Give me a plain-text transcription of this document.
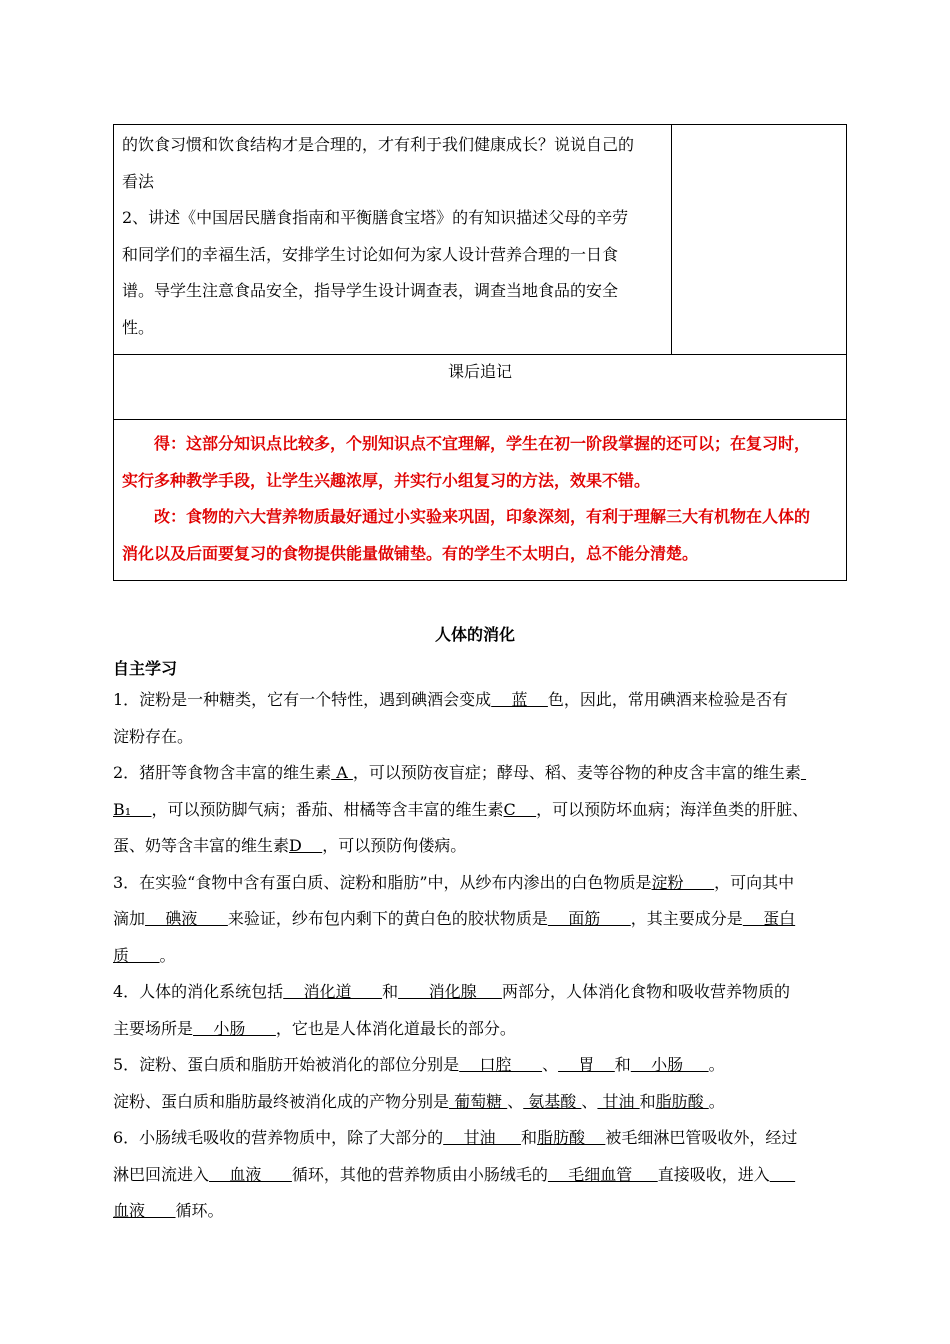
的饮食习惯和饮食结构才是合理的，才有利于我们健康成长？说说自己的
看法
2、讲述《中国居民膳食指南和平衡膳食宝塔》的有知识描述父母的辛劳
和同学们的幸福生活，安排学生讨论如何为家人设计营养合理的一日食
谱。导学生注意食品安全，指导学生设计调查表，调查当地食品的安全
性。

课后追记

得：这部分知识点比较多，个别知识点不宜理解，学生在初一阶段掌握的还可以；在复习时，
实行多种教学手段，让学生兴趣浓厚，并实行小组复习的方法，效果不错。
改：食物的六大营养物质最好通过小实验来巩固，印象深刻，有利于理解三大有机物在人体的
消化以及后面要复习的食物提供能量做铺垫。有的学生不太明白，总不能分清楚。
人体的消化
自主学习

1．淀粉是一种糖类，它有一个特性，遇到碘酒会变成    蓝    色，因此，常用碘酒来检验是否有

淀粉存在。

2．猪肝等食物含丰富的维生素 A ，可以预防夜盲症；酵母、稻、麦等谷物的种皮含丰富的维生素

B₁    ，可以预防脚气病；番茄、柑橘等含丰富的维生素C    ，可以预防坏血病；海洋鱼类的肝脏、

蛋、奶等含丰富的维生素D    ，可以预防佝偻病。

3．在实验“食物中含有蛋白质、淀粉和脂肪”中，从纱布内渗出的白色物质是淀粉      ，可向其中

滴加    碘液      来验证，纱布包内剩下的黄白色的胶状物质是    面筋      ，其主要成分是    蛋白

质      。

4．人体的消化系统包括    消化道      和      消化腺     两部分，人体消化食物和吸收营养物质的

主要场所是    小肠      ，它也是人体消化道最长的部分。

5．淀粉、蛋白质和脂肪开始被消化的部位分别是    口腔      、    胃    和    小肠     。

淀粉、蛋白质和脂肪最终被消化成的产物分别是 葡萄糖 、 氨基酸 、 甘油 和脂肪酸 。

6．小肠绒毛吸收的营养物质中，除了大部分的    甘油     和脂肪酸    被毛细淋巴管吸收外，经过

淋巴回流进入    血液      循环，其他的营养物质由小肠绒毛的    毛细血管     直接吸收，进入

血液      循环。
